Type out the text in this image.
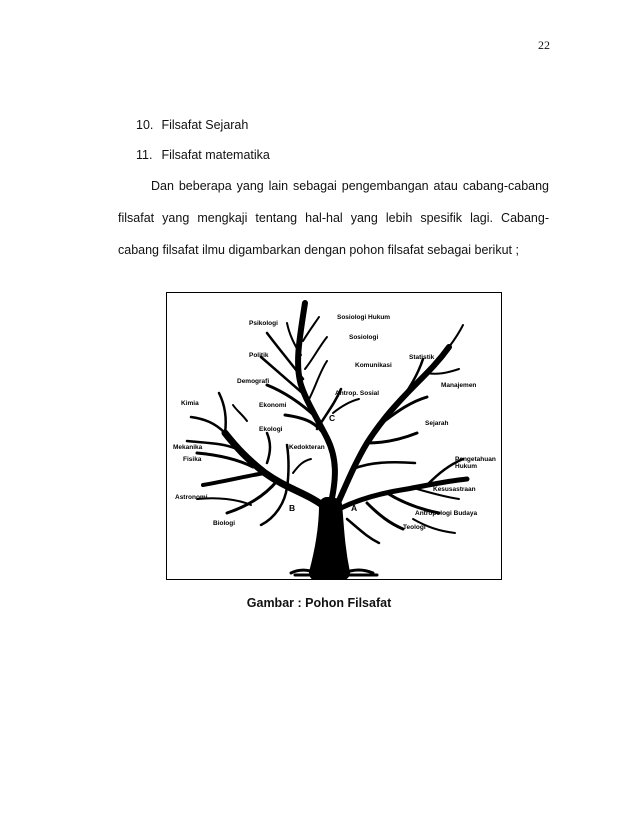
22
10. Filsafat Sejarah
11. Filsafat matematika
Dan beberapa yang lain sebagai pengembangan atau cabang-cabang
filsafat yang mengkaji tentang hal-hal yang lebih spesifik lagi. Cabang-
cabang filsafat ilmu digambarkan dengan pohon filsafat sebagai berikut ;
Psikologi
Sosiologi Hukum
Sosiologi
Politik
Komunikasi
Statistik
Demografi
Manajemen
Antrop. Sosial
Kimia	Ekonomi
C
Sejarah
Ekologi
Kedokteran
Mekanika
Fisika	Pengetahuan
Hukum
Kesusastraan
Astronomi
B	A
Antropologi Budaya
Biologi
Teologi
Gambar : Pohon Filsafat
